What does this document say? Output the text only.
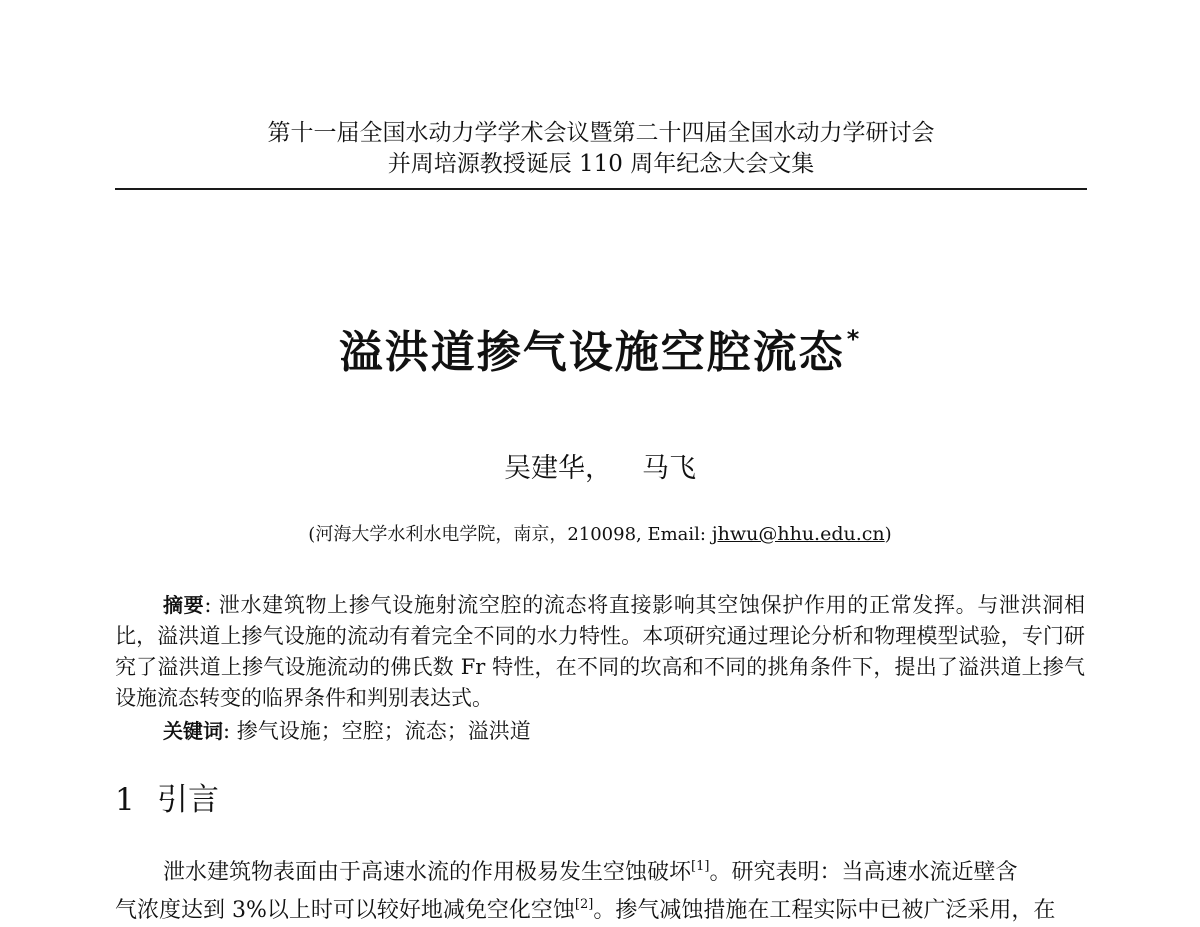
第十一届全国水动力学学术会议暨第二十四届全国水动力学研讨会
并周培源教授诞辰 110 周年纪念大会文集
溢洪道掺气设施空腔流态*
吴建华， 马飞
(河海大学水利水电学院，南京，210098, Email: jhwu@hhu.edu.cn)

摘要: 泄水建筑物上掺气设施射流空腔的流态将直接影响其空蚀保护作用的正常发挥。与泄洪洞相比，溢洪道上掺气设施的流动有着完全不同的水力特性。本项研究通过理论分析和物理模型试验，专门研究了溢洪道上掺气设施流动的佛氏数 Fr 特性，在不同的坎高和不同的挑角条件下，提出了溢洪道上掺气设施流态转变的临界条件和判别表达式。

关键词: 掺气设施；空腔；流态；溢洪道
1 引言

泄水建筑物表面由于高速水流的作用极易发生空蚀破坏[1]。研究表明：当高速水流近壁含

气浓度达到 3%以上时可以较好地减免空化空蚀[2]。掺气减蚀措施在工程实际中已被广泛采用，在
